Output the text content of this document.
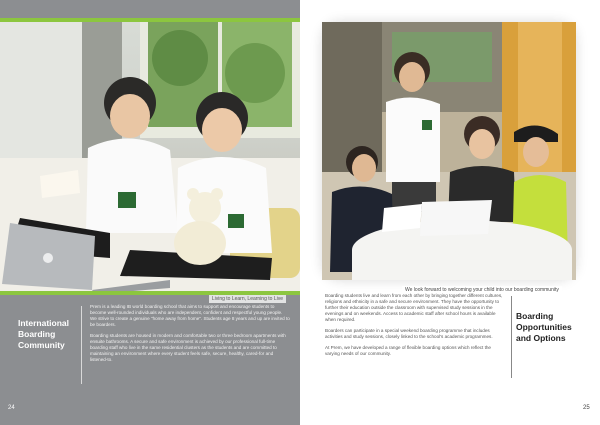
Living to Learn, Learning to Live
International
Boarding
Community

Prem is a leading IB world boarding school that aims to support and encourage students to become well-rounded individuals who are independent, confident and respectful young people. We strive to create a genuine "home away from home". Students age 8 years and up are invited to be boarders.

Boarding students are housed in modern and comfortable two or three bedroom apartments with ensuite bathrooms. A secure and safe environment is achieved by our professional full-time boarding staff who live in the same residential clusters as the students and are committed to maintaining an environment where every student feels safe, secure, healthy, cared-for and listened-to.

24
We look forward to welcoming your child into our boarding community

Boarding students live and learn from each other by bringing together different cultures, religions and ethnicity in a safe and secure environment. They have the opportunity to further their education outside the classroom with supervised study sessions in the evenings and on weekends. Access to academic staff after school hours is available when required.

Boarders can participate in a special weekend boarding programme that includes activities and study sessions, closely linked to the school's academic programmes.

At Prem, we have developed a range of flexible boarding options which reflect the varying needs of our community.

Boarding
Opportunities
and Options
25
